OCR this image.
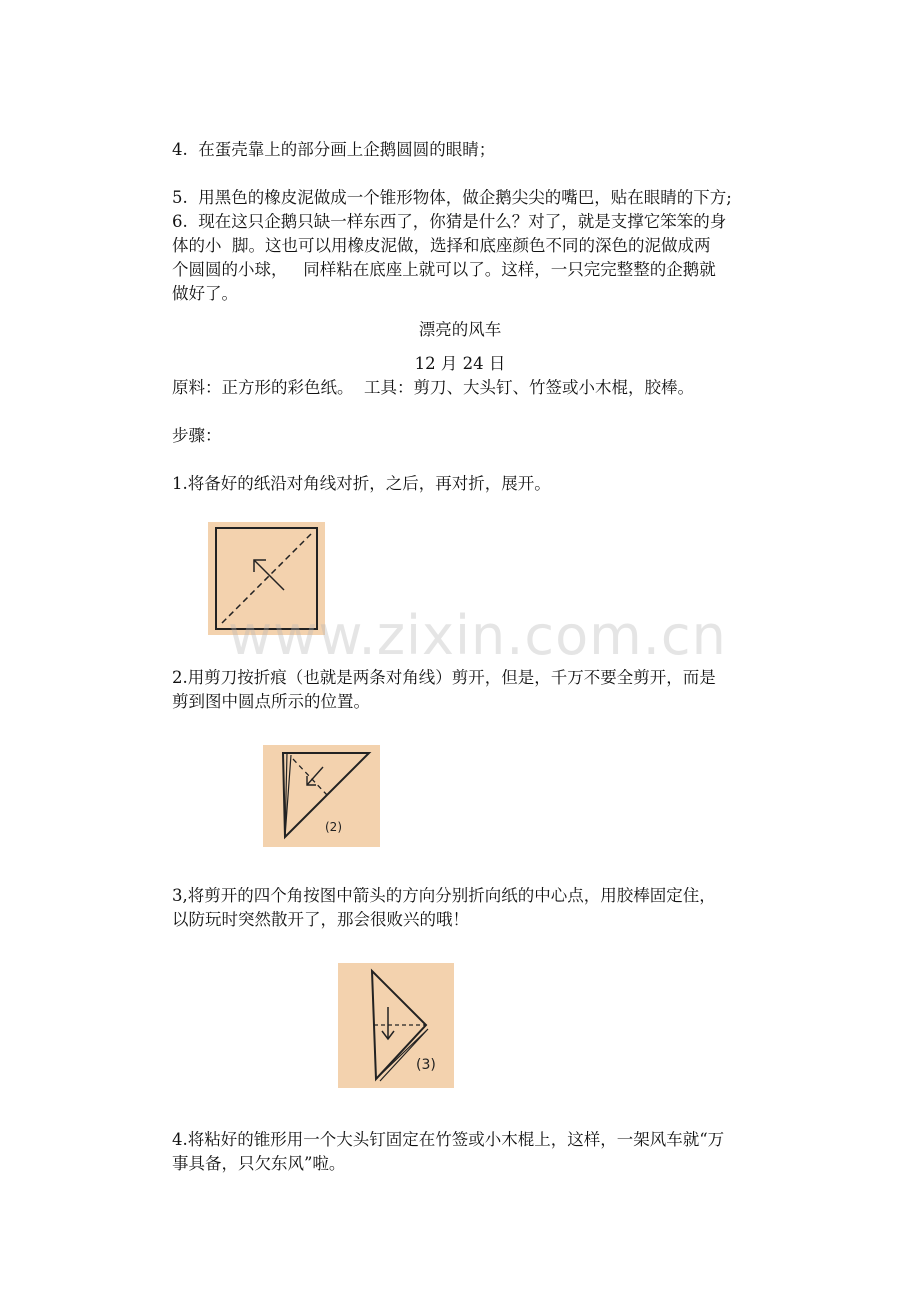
4.  在蛋壳靠上的部分画上企鹅圆圆的眼睛；

5.  用黑色的橡皮泥做成一个锥形物体，做企鹅尖尖的嘴巴，贴在眼睛的下方;

6.  现在这只企鹅只缺一样东西了，你猜是什么？对了，就是支撑它笨笨的身

体的小  脚。这也可以用橡皮泥做，选择和底座颜色不同的深色的泥做成两

个圆圆的小球，   同样粘在底座上就可以了。这样，一只完完整整的企鹅就

做好了。

漂亮的风车

12 月 24 日

原料：正方形的彩色纸。  工具：剪刀、大头钉、竹签或小木棍，胶棒。

步骤：

1.将备好的纸沿对角线对折，之后，再对折，展开。

2.用剪刀按折痕（也就是两条对角线）剪开，但是，千万不要全剪开，而是

剪到图中圆点所示的位置。

(2)

3,将剪开的四个角按图中箭头的方向分别折向纸的中心点，用胶棒固定住，

以防玩时突然散开了，那会很败兴的哦！

(3)

4.将粘好的锥形用一个大头钉固定在竹签或小木棍上，这样，一架风车就“万

事具备，只欠东风”啦。

www.zixin.com.cn
